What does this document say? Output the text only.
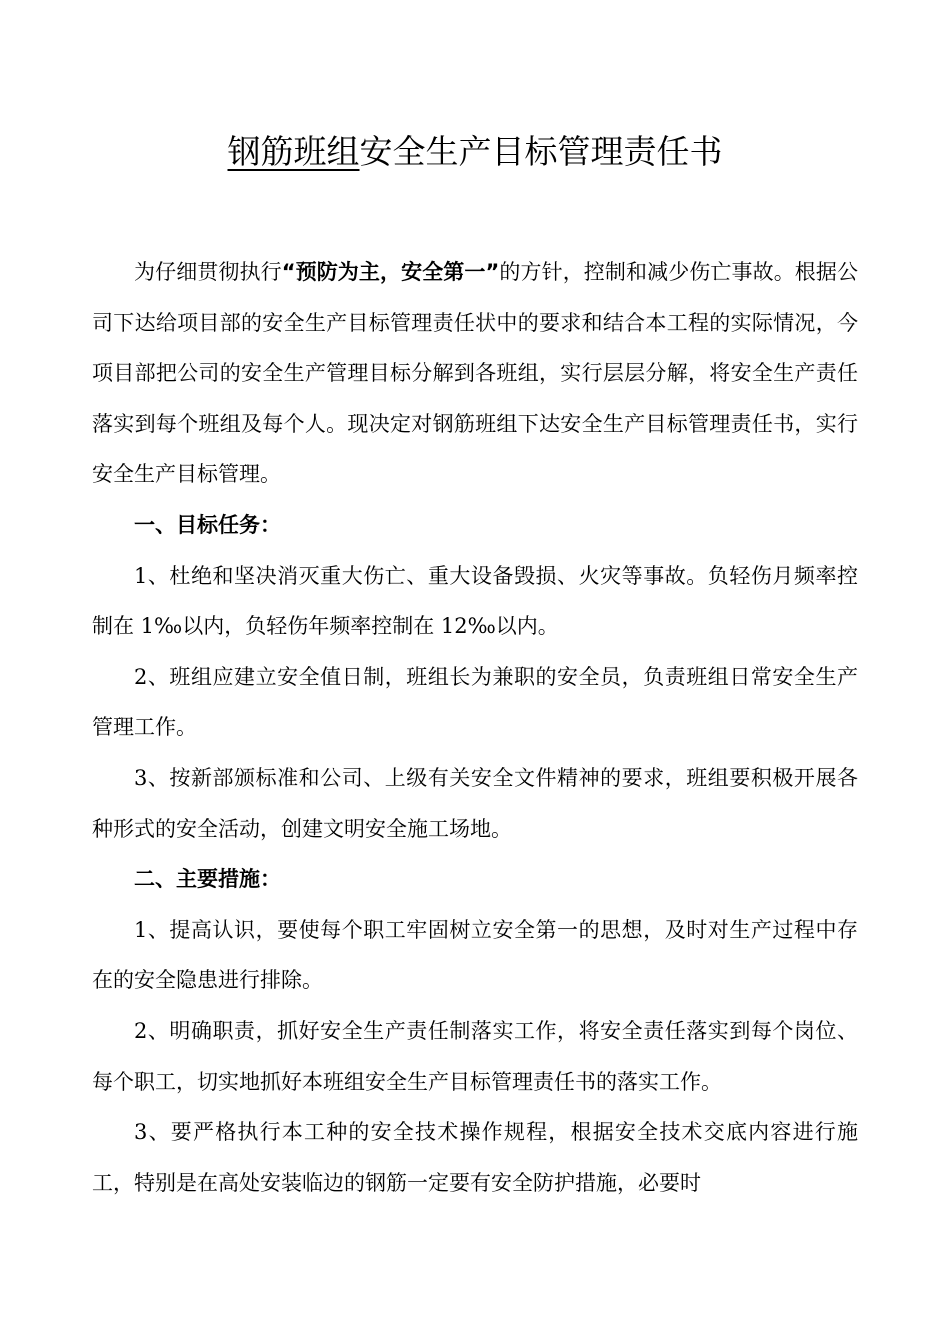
钢筋班组安全生产目标管理责任书

为仔细贯彻执行“预防为主，安全第一”的方针，控制和减少伤亡事故。根据公司下达给项目部的安全生产目标管理责任状中的要求和结合本工程的实际情况，今项目部把公司的安全生产管理目标分解到各班组，实行层层分解，将安全生产责任落实到每个班组及每个人。现决定对钢筋班组下达安全生产目标管理责任书，实行安全生产目标管理。

一、目标任务：

1、杜绝和坚决消灭重大伤亡、重大设备毁损、火灾等事故。负轻伤月频率控制在 1‰以内，负轻伤年频率控制在 12‰以内。

2、班组应建立安全值日制，班组长为兼职的安全员，负责班组日常安全生产管理工作。

3、按新部颁标准和公司、上级有关安全文件精神的要求，班组要积极开展各种形式的安全活动，创建文明安全施工场地。

二、主要措施：

1、提高认识，要使每个职工牢固树立安全第一的思想，及时对生产过程中存在的安全隐患进行排除。

2、明确职责，抓好安全生产责任制落实工作，将安全责任落实到每个岗位、每个职工，切实地抓好本班组安全生产目标管理责任书的落实工作。

3、要严格执行本工种的安全技术操作规程，根据安全技术交底内容进行施工，特别是在高处安装临边的钢筋一定要有安全防护措施，必要时
